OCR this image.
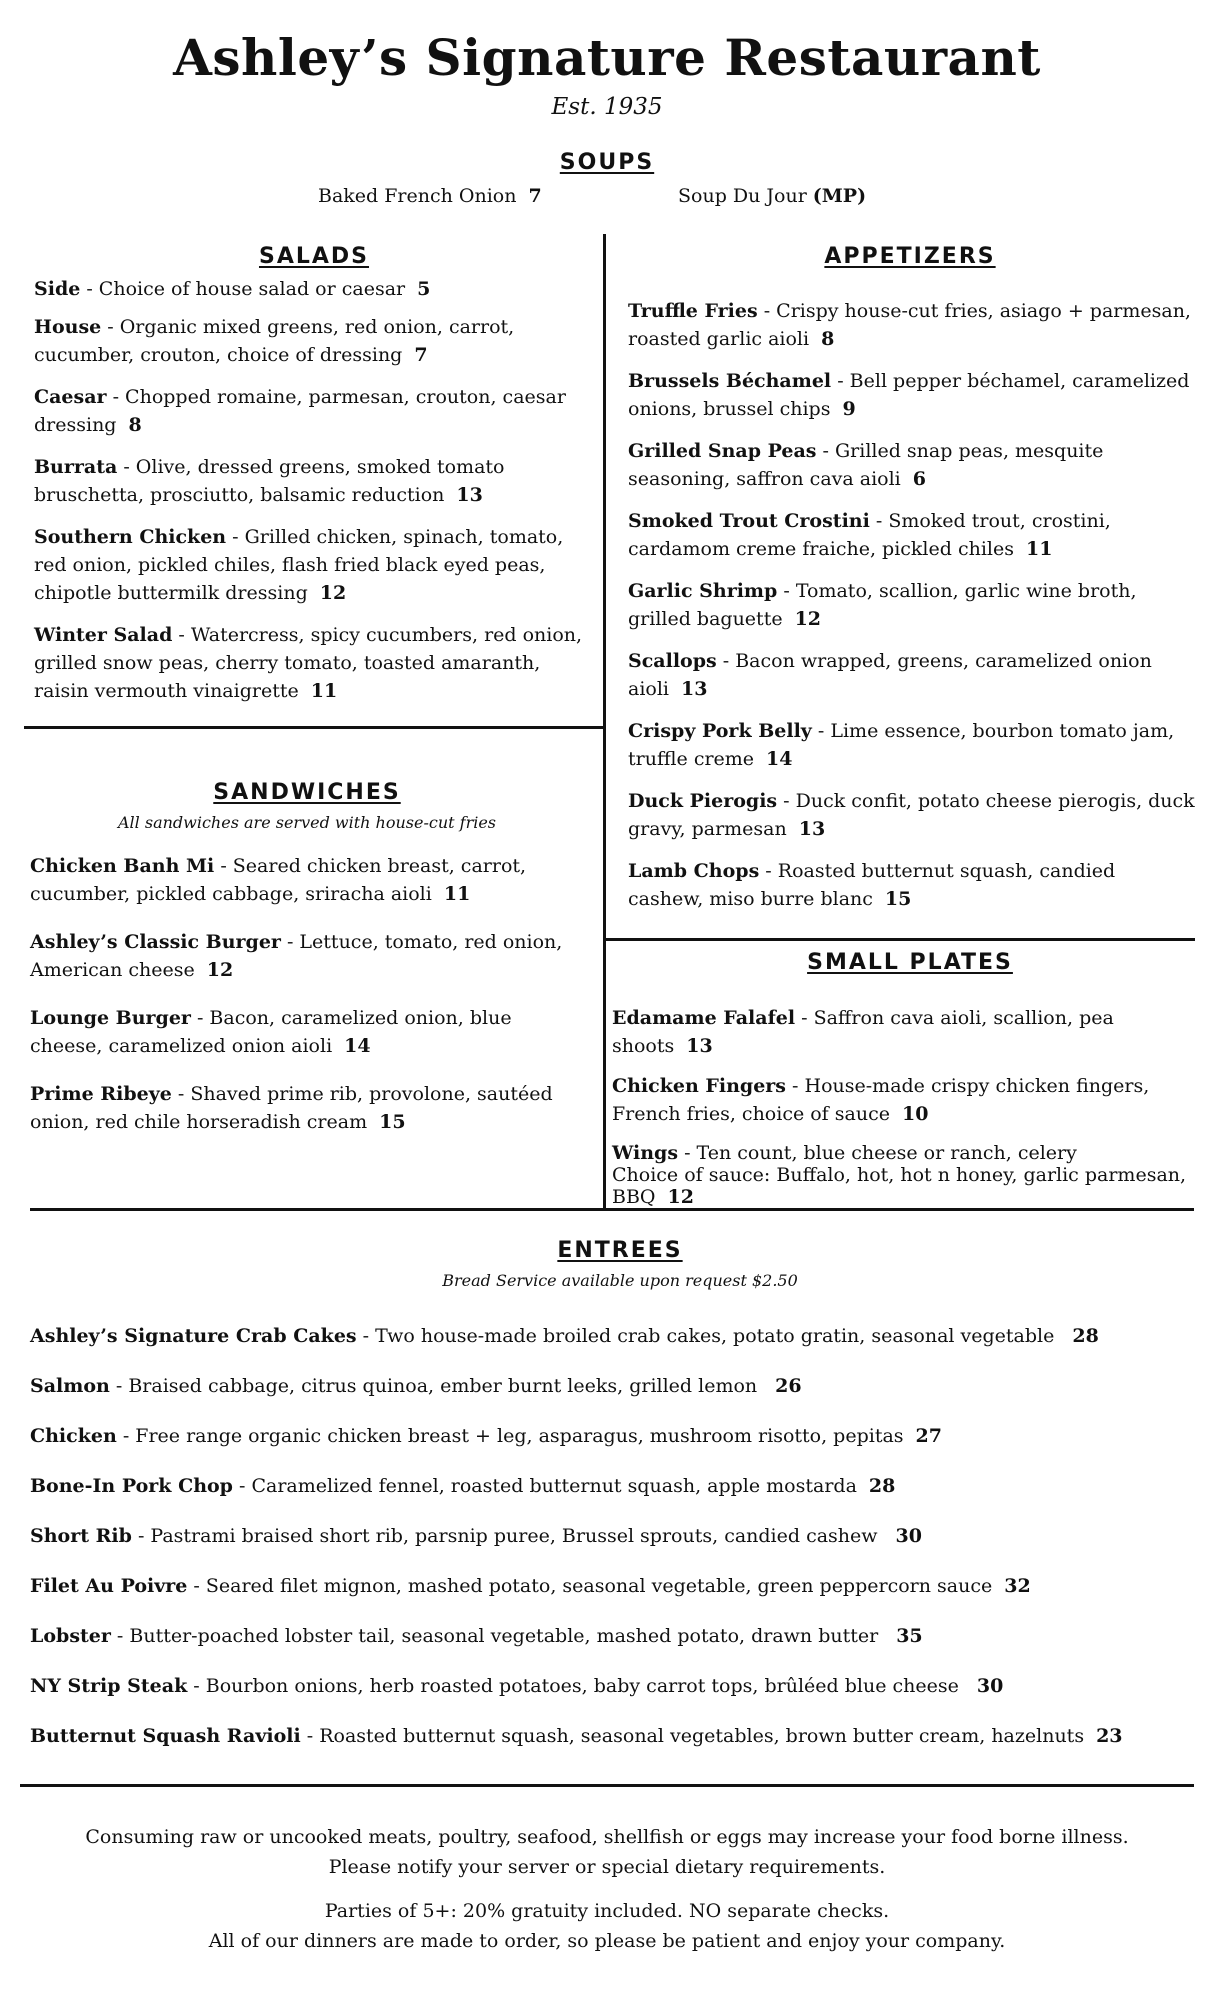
Ashley’s Signature Restaurant
Est. 1935
SOUPS
Baked French Onion 7	Soup Du Jour (MP)
SALADS
Side - Choice of house salad or caesar 5
House - Organic mixed greens, red onion, carrot, cucumber, crouton, choice of dressing 7
Caesar - Chopped romaine, parmesan, crouton, caesar dressing 8
Burrata - Olive, dressed greens, smoked tomato bruschetta, prosciutto, balsamic reduction 13
Southern Chicken - Grilled chicken, spinach, tomato, red onion, pickled chiles, flash fried black eyed peas, chipotle buttermilk dressing 12
Winter Salad - Watercress, spicy cucumbers, red onion, grilled snow peas, cherry tomato, toasted amaranth, raisin vermouth vinaigrette 11
SANDWICHES
All sandwiches are served with house-cut fries
Chicken Banh Mi - Seared chicken breast, carrot, cucumber, pickled cabbage, sriracha aioli 11
Ashley’s Classic Burger - Lettuce, tomato, red onion, American cheese 12
Lounge Burger - Bacon, caramelized onion, blue cheese, caramelized onion aioli 14
Prime Ribeye - Shaved prime rib, provolone, sautéed onion, red chile horseradish cream 15
APPETIZERS
Truffle Fries - Crispy house-cut fries, asiago + parmesan, roasted garlic aioli 8
Brussels Béchamel - Bell pepper béchamel, caramelized onions, brussel chips 9
Grilled Snap Peas - Grilled snap peas, mesquite seasoning, saffron cava aioli 6
Smoked Trout Crostini - Smoked trout, crostini, cardamom creme fraiche, pickled chiles 11
Garlic Shrimp - Tomato, scallion, garlic wine broth, grilled baguette 12
Scallops - Bacon wrapped, greens, caramelized onion aioli 13
Crispy Pork Belly - Lime essence, bourbon tomato jam, truffle creme 14
Duck Pierogis - Duck confit, potato cheese pierogis, duck gravy, parmesan 13
Lamb Chops - Roasted butternut squash, candied cashew, miso burre blanc 15
SMALL PLATES
Edamame Falafel - Saffron cava aioli, scallion, pea shoots 13
Chicken Fingers - House-made crispy chicken fingers, French fries, choice of sauce 10
Wings - Ten count, blue cheese or ranch, celery
Choice of sauce: Buffalo, hot, hot n honey, garlic parmesan, BBQ 12
ENTREES
Bread Service available upon request $2.50
Ashley’s Signature Crab Cakes - Two house-made broiled crab cakes, potato gratin, seasonal vegetable 28
Salmon - Braised cabbage, citrus quinoa, ember burnt leeks, grilled lemon 26
Chicken - Free range organic chicken breast + leg, asparagus, mushroom risotto, pepitas 27
Bone-In Pork Chop - Caramelized fennel, roasted butternut squash, apple mostarda 28
Short Rib - Pastrami braised short rib, parsnip puree, Brussel sprouts, candied cashew 30
Filet Au Poivre - Seared filet mignon, mashed potato, seasonal vegetable, green peppercorn sauce 32
Lobster - Butter-poached lobster tail, seasonal vegetable, mashed potato, drawn butter 35
NY Strip Steak - Bourbon onions, herb roasted potatoes, baby carrot tops, brûléed blue cheese 30
Butternut Squash Ravioli - Roasted butternut squash, seasonal vegetables, brown butter cream, hazelnuts 23
Consuming raw or uncooked meats, poultry, seafood, shellfish or eggs may increase your food borne illness.
Please notify your server or special dietary requirements.
Parties of 5+: 20% gratuity included. NO separate checks.
All of our dinners are made to order, so please be patient and enjoy your company.
